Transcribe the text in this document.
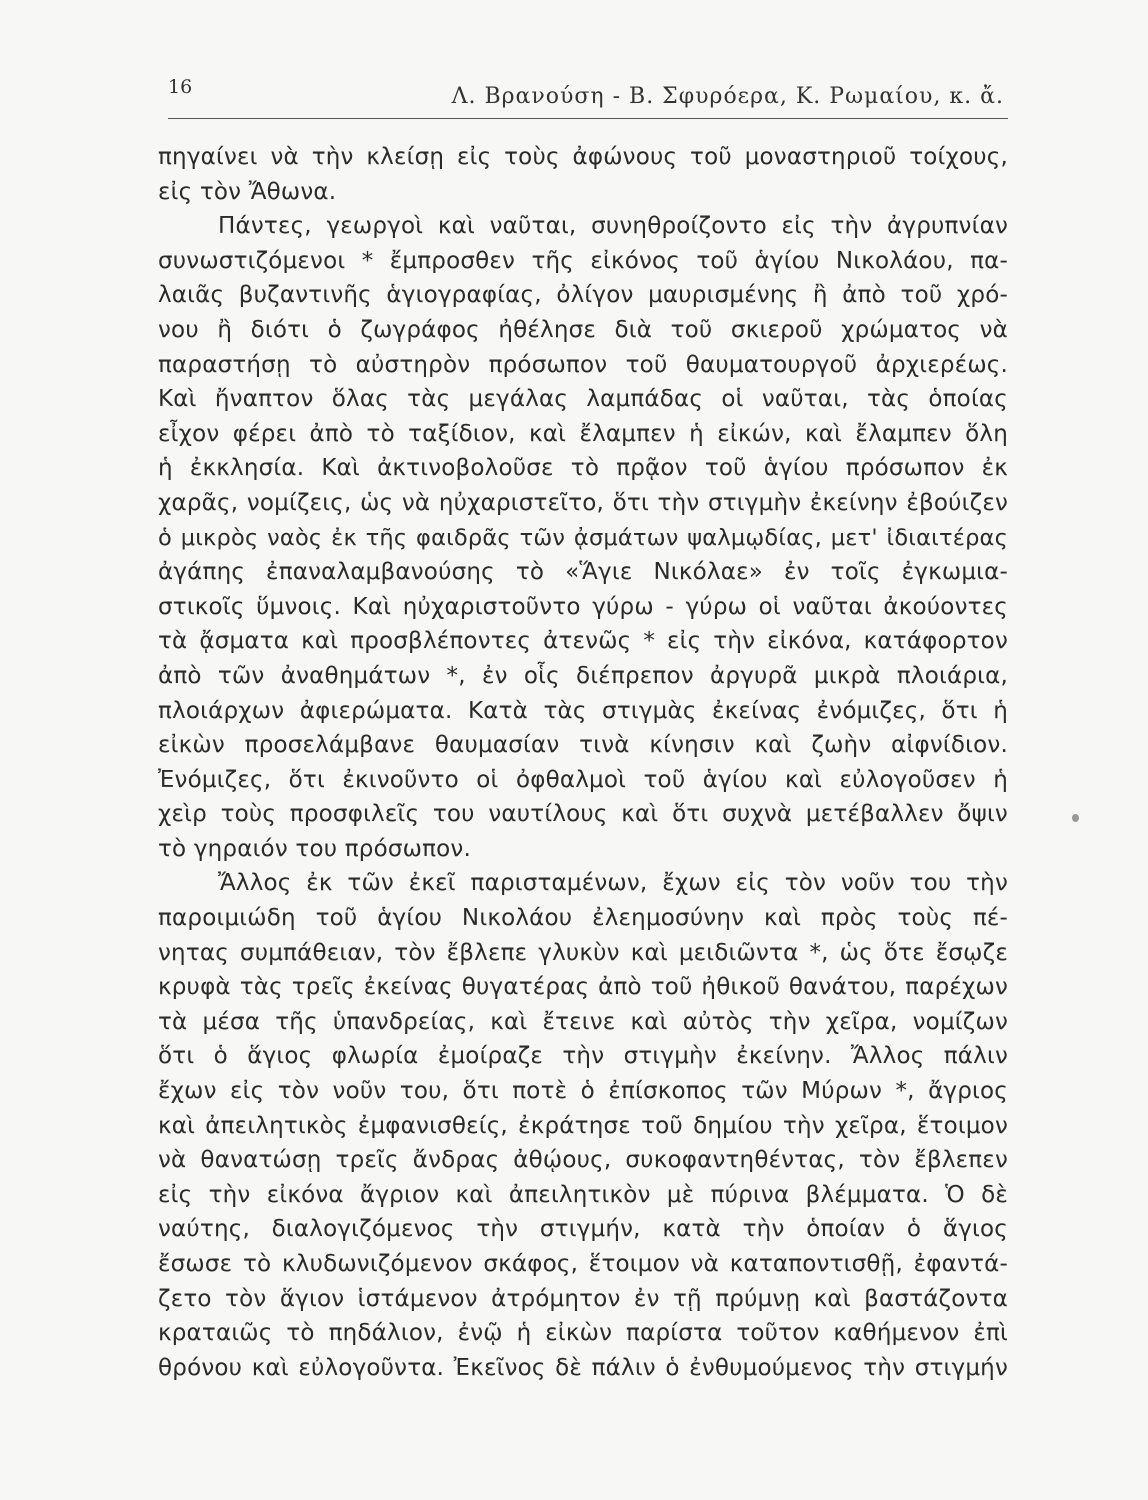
16	Λ. Βρανούση - Β. Σφυρόερα, Κ. Ρωμαίου, κ. ἄ.
πηγαίνει νὰ τὴν κλείσῃ εἰς τοὺς ἀφώνους τοῦ μοναστηριοῦ τοίχους,
εἰς τὸν Ἄθωνα.
Πάντες, γεωργοὶ καὶ ναῦται, συνηθροίζοντο εἰς τὴν ἀγρυπνίαν
συνωστιζόμενοι * ἔμπροσθεν τῆς εἰκόνος τοῦ ἁγίου Νικολάου, πα-
λαιᾶς βυζαντινῆς ἁγιογραφίας, ὀλίγον μαυρισμένης ἢ ἀπὸ τοῦ χρό-
νου ἢ διότι ὁ ζωγράφος ἠθέλησε διὰ τοῦ σκιεροῦ χρώματος νὰ
παραστήσῃ τὸ αὐστηρὸν πρόσωπον τοῦ θαυματουργοῦ ἀρχιερέως.
Καὶ ἤναπτον ὅλας τὰς μεγάλας λαμπάδας οἱ ναῦται, τὰς ὁποίας
εἶχον φέρει ἀπὸ τὸ ταξίδιον, καὶ ἔλαμπεν ἡ εἰκών, καὶ ἔλαμπεν ὅλη
ἡ ἐκκλησία. Καὶ ἀκτινοβολοῦσε τὸ πρᾷον τοῦ ἁγίου πρόσωπον ἐκ
χαρᾶς, νομίζεις, ὡς νὰ ηὐχαριστεῖτο, ὅτι τὴν στιγμὴν ἐκείνην ἐβούιζεν
ὁ μικρὸς ναὸς ἐκ τῆς φαιδρᾶς τῶν ᾀσμάτων ψαλμῳδίας, μετ' ἰδιαιτέρας
ἀγάπης ἐπαναλαμβανούσης τὸ «Ἅγιε Νικόλαε» ἐν τοῖς ἐγκωμια-
στικοῖς ὕμνοις. Καὶ ηὐχαριστοῦντο γύρω - γύρω οἱ ναῦται ἀκούοντες
τὰ ᾄσματα καὶ προσβλέποντες ἀτενῶς * εἰς τὴν εἰκόνα, κατάφορτον
ἀπὸ τῶν ἀναθημάτων *, ἐν οἷς διέπρεπον ἀργυρᾶ μικρὰ πλοιάρια,
πλοιάρχων ἀφιερώματα. Κατὰ τὰς στιγμὰς ἐκείνας ἐνόμιζες, ὅτι ἡ
εἰκὼν προσελάμβανε θαυμασίαν τινὰ κίνησιν καὶ ζωὴν αἰφνίδιον.
Ἐνόμιζες, ὅτι ἐκινοῦντο οἱ ὀφθαλμοὶ τοῦ ἁγίου καὶ εὐλογοῦσεν ἡ
χεὶρ τοὺς προσφιλεῖς του ναυτίλους καὶ ὅτι συχνὰ μετέβαλλεν ὄψιν
τὸ γηραιόν του πρόσωπον.
Ἄλλος ἐκ τῶν ἐκεῖ παρισταμένων, ἔχων εἰς τὸν νοῦν του τὴν
παροιμιώδη τοῦ ἁγίου Νικολάου ἐλεημοσύνην καὶ πρὸς τοὺς πέ-
νητας συμπάθειαν, τὸν ἔβλεπε γλυκὺν καὶ μειδιῶντα *, ὡς ὅτε ἔσῳζε
κρυφὰ τὰς τρεῖς ἐκείνας θυγατέρας ἀπὸ τοῦ ἠθικοῦ θανάτου, παρέχων
τὰ μέσα τῆς ὑπανδρείας, καὶ ἔτεινε καὶ αὐτὸς τὴν χεῖρα, νομίζων
ὅτι ὁ ἅγιος φλωρία ἐμοίραζε τὴν στιγμὴν ἐκείνην. Ἄλλος πάλιν
ἔχων εἰς τὸν νοῦν του, ὅτι ποτὲ ὁ ἐπίσκοπος τῶν Μύρων *, ἄγριος
καὶ ἀπειλητικὸς ἐμφανισθείς, ἐκράτησε τοῦ δημίου τὴν χεῖρα, ἕτοιμον
νὰ θανατώσῃ τρεῖς ἄνδρας ἀθῴους, συκοφαντηθέντας, τὸν ἔβλεπεν
εἰς τὴν εἰκόνα ἄγριον καὶ ἀπειλητικὸν μὲ πύρινα βλέμματα. Ὁ δὲ
ναύτης, διαλογιζόμενος τὴν στιγμήν, κατὰ τὴν ὁποίαν ὁ ἅγιος
ἔσωσε τὸ κλυδωνιζόμενον σκάφος, ἕτοιμον νὰ καταποντισθῇ, ἐφαντά-
ζετο τὸν ἅγιον ἱστάμενον ἀτρόμητον ἐν τῇ πρύμνῃ καὶ βαστάζοντα
κραταιῶς τὸ πηδάλιον, ἐνῷ ἡ εἰκὼν παρίστα τοῦτον καθήμενον ἐπὶ
θρόνου καὶ εὐλογοῦντα. Ἐκεῖνος δὲ πάλιν ὁ ἐνθυμούμενος τὴν στιγμήν
